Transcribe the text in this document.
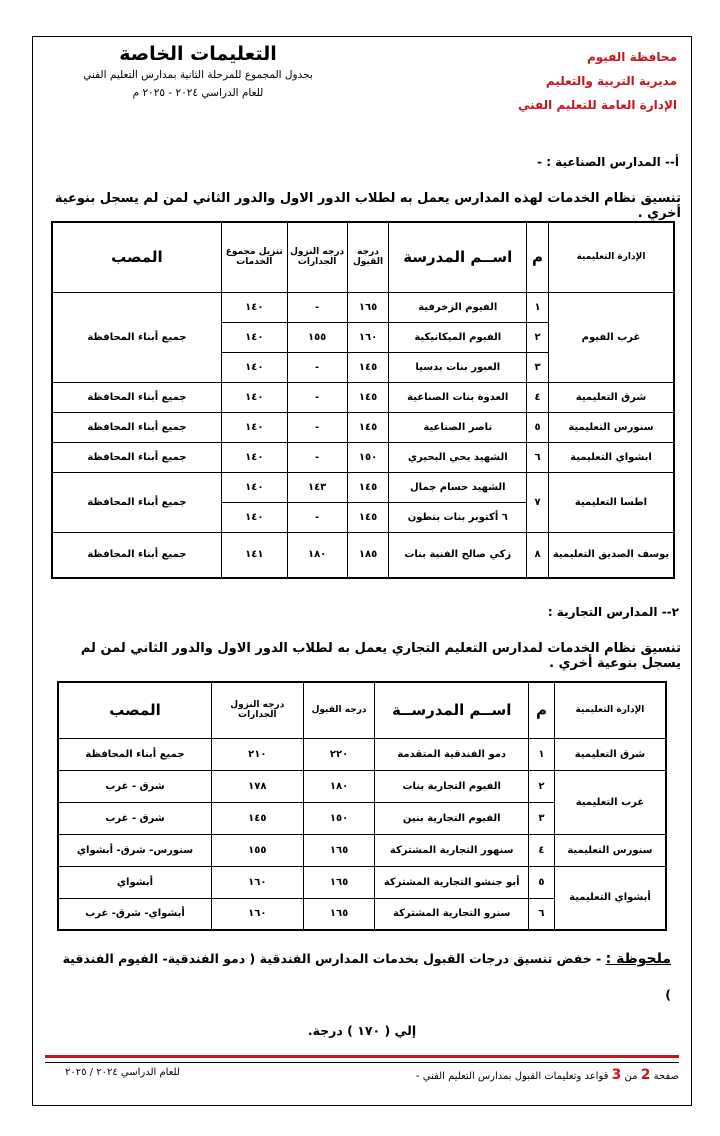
محافظة الفيوم
مديرية التربية والتعليم
الإدارة العامة للتعليم الفني
التعليمات الخاصة
بجدول المجموع للمرحلة الثانية بمدارس التعليم الفني
للعام الدراسي ٢٠٢٤ - ٢٠٢٥ م
أ-- المدارس الصناعية : -
تنسيق نظام الخدمات لهذه المدارس يعمل به لطلاب الدور الاول والدور الثاني لمن لم يسجل بنوعية أخري .
الإدارة التعليمية	م	اســم المدرسة	درجه القبول	درجه النزول الجدارات	تنزيل مجموع الخدمات	المصب
غرب الفيوم	١	الفيوم الزخرفية	١٦٥	-	١٤٠	جميع أبناء المحافظة
	٢	الفيوم الميكانيكية	١٦٠	١٥٥	١٤٠	
	٣	العبور بنات بدسيا	١٤٥	-	١٤٠	
شرق التعليمية	٤	العدوة بنات الصناعية	١٤٥	-	١٤٠	جميع أبناء المحافظة
سنورس التعليمية	٥	ناصر الصناعية	١٤٥	-	١٤٠	جميع أبناء المحافظة
ابشواي التعليمية	٦	الشهيد يحي البحيري	١٥٠	-	١٤٠	جميع أبناء المحافظة
اطسا التعليمية	٧	الشهيد حسام جمال	١٤٥	١٤٣	١٤٠	جميع أبناء المحافظة
		٦ أكتوبر بنات بتطون	١٤٥	-	١٤٠	
يوسف الصديق التعليمية	٨	زكي صالح الفنية بنات	١٨٥	١٨٠	١٤١	جميع أبناء المحافظة
٢-- المدارس التجارية :
تنسيق نظام الخدمات لمدارس التعليم التجاري يعمل به لطلاب الدور الاول والدور الثاني لمن لم يسجل بنوعية أخري .
الإدارة التعليمية	م	اســم المدرســة	درجه القبول	درجه النزول الجدارات	المصب
شرق التعليمية	١	دمو الفندقية المتقدمة	٢٢٠	٢١٠	جميع أبناء المحافظة
غرب التعليمية	٢	الفيوم التجارية بنات	١٨٠	١٧٨	شرق - غرب
	٣	الفيوم التجارية بنين	١٥٠	١٤٥	شرق - غرب
سنورس التعليمية	٤	سنهور التجارية المشتركة	١٦٥	١٥٥	سنورس- شرق- أبشواي
أبشواي التعليمية	٥	أبو جنشو التجارية المشتركة	١٦٥	١٦٠	أبشواي
	٦	سنرو التجارية المشتركة	١٦٥	١٦٠	أبشواي- شرق- غرب
ملحوظة : - خفض تنسيق درجات القبول بخدمات المدارس الفندقية ( دمو الفندقية- الفيوم الفندقية )
إلي ( ١٧٠ ) درجة.
صفحة 2 من 3 قواعد وتعليمات القبول بمدارس التعليم الفني -
للعام الدراسي ٢٠٢٤ / ٢٠٢٥
